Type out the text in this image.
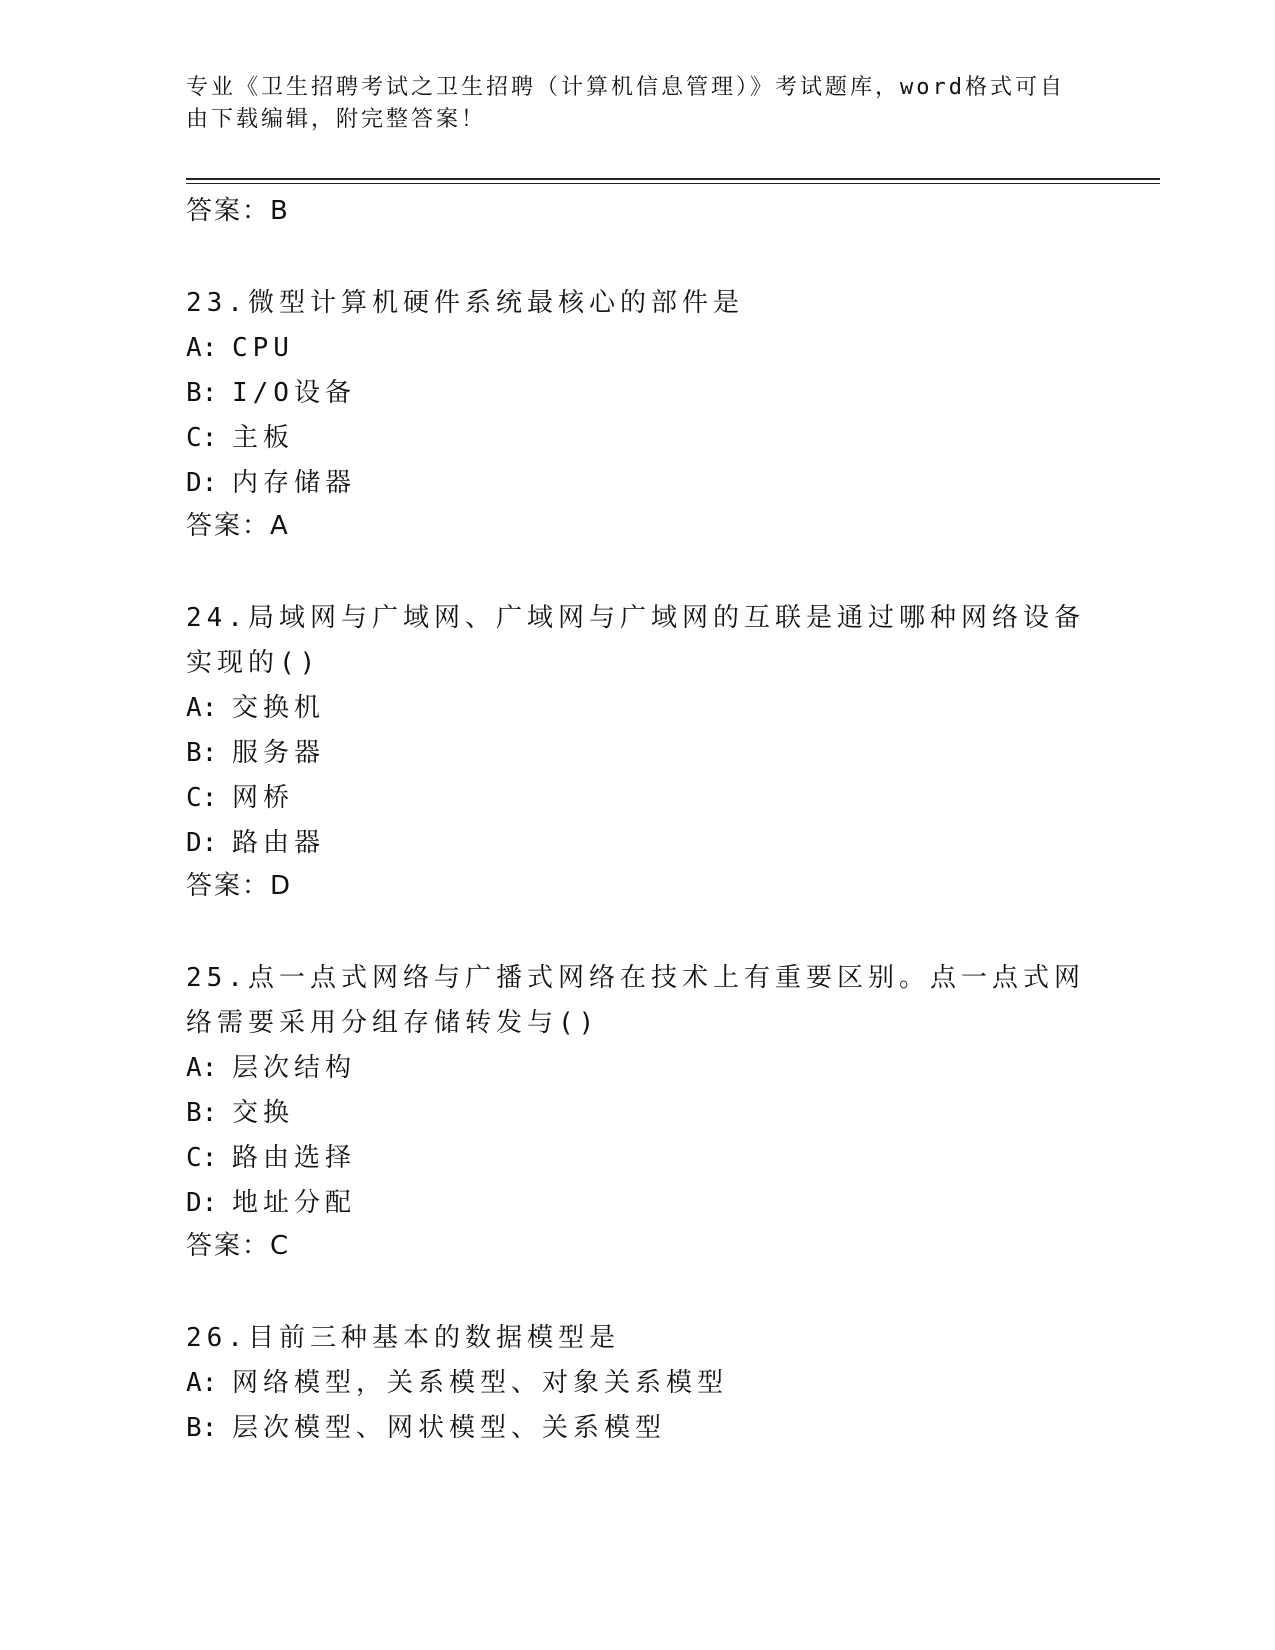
专业《卫生招聘考试之卫生招聘（计算机信息管理）》考试题库，word格式可自由下载编辑，附完整答案！
答案：B
23.微型计算机硬件系统最核心的部件是
A: CPU
B: I/O设备
C: 主板
D: 内存储器
答案：A
24.局域网与广域网、广域网与广域网的互联是通过哪种网络设备实现的()
A: 交换机
B: 服务器
C: 网桥
D: 路由器
答案：D
25.点一点式网络与广播式网络在技术上有重要区别。点一点式网络需要采用分组存储转发与()
A: 层次结构
B: 交换
C: 路由选择
D: 地址分配
答案：C
26.目前三种基本的数据模型是
A: 网络模型，关系模型、对象关系模型
B: 层次模型、网状模型、关系模型
